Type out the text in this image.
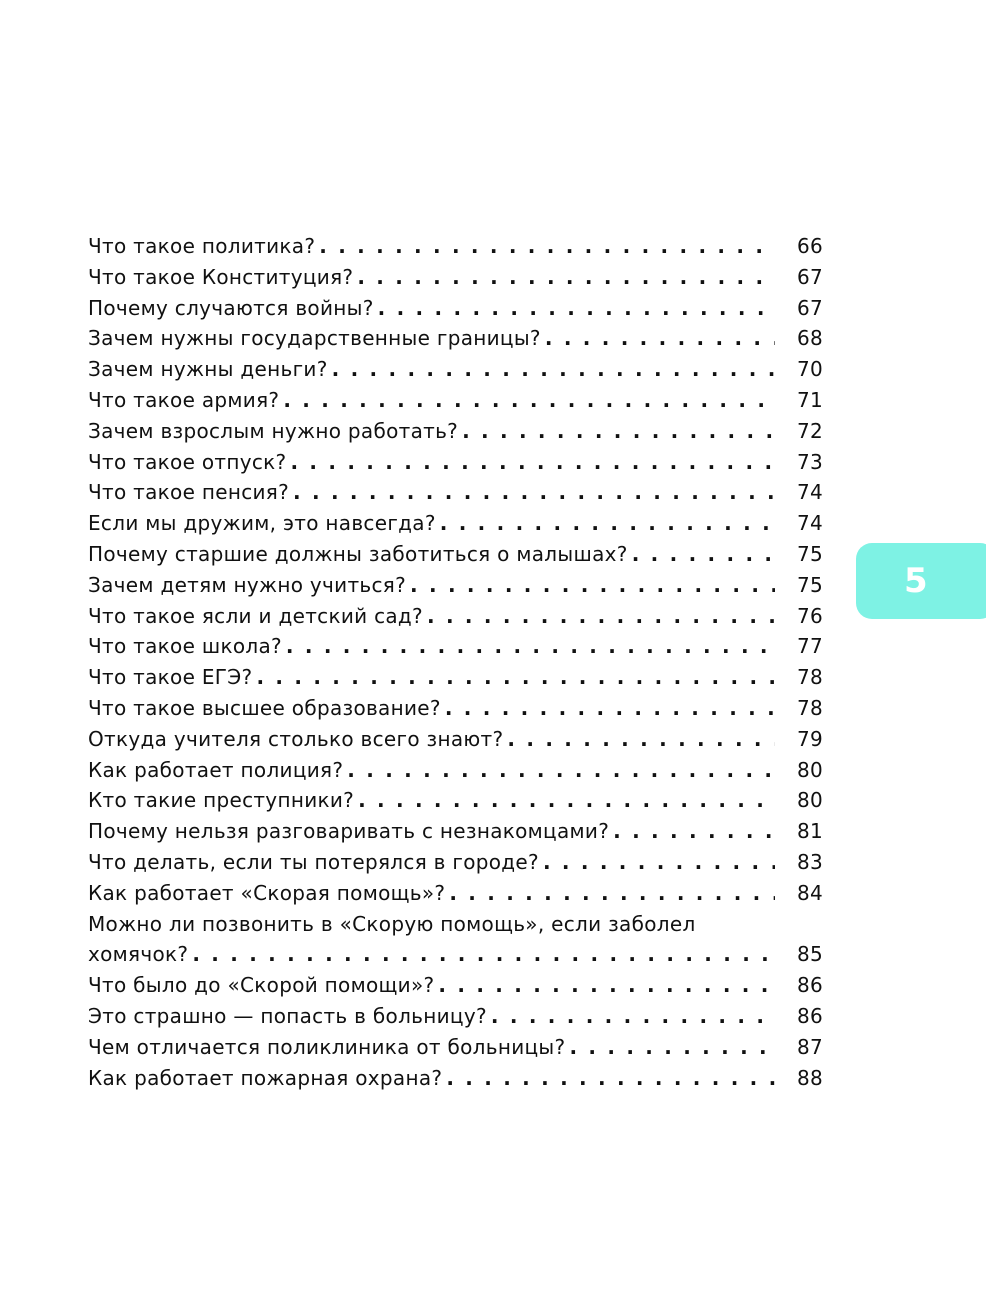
Что такое политика? . . .	66
Что такое Конституция? . . .	67
Почему случаются войны? . . .	67
Зачем нужны государственные границы? . . .	68
Зачем нужны деньги? . . .	70
Что такое армия? . . .	71
Зачем взрослым нужно работать? . . .	72
Что такое отпуск? . . .	73
Что такое пенсия? . . .	74
Если мы дружим, это навсегда? . . .	74
Почему старшие должны заботиться о малышах? . . .	75
Зачем детям нужно учиться? . . .	75
Что такое ясли и детский сад? . . .	76
Что такое школа? . . .	77
Что такое ЕГЭ? . . .	78
Что такое высшее образование? . . .	78
Откуда учителя столько всего знают? . . .	79
Как работает полиция? . . .	80
Кто такие преступники? . . .	80
Почему нельзя разговаривать с незнакомцами? . . .	81
Что делать, если ты потерялся в городе? . . .	83
Как работает «Скорая помощь»? . . .	84
Можно ли позвонить в «Скорую помощь», если заболел
хомячок? . . .	85
Что было до «Скорой помощи»? . . .	86
Это страшно — попасть в больницу? . . .	86
Чем отличается поликлиника от больницы? . . .	87
Как работает пожарная охрана? . . .	88
5
